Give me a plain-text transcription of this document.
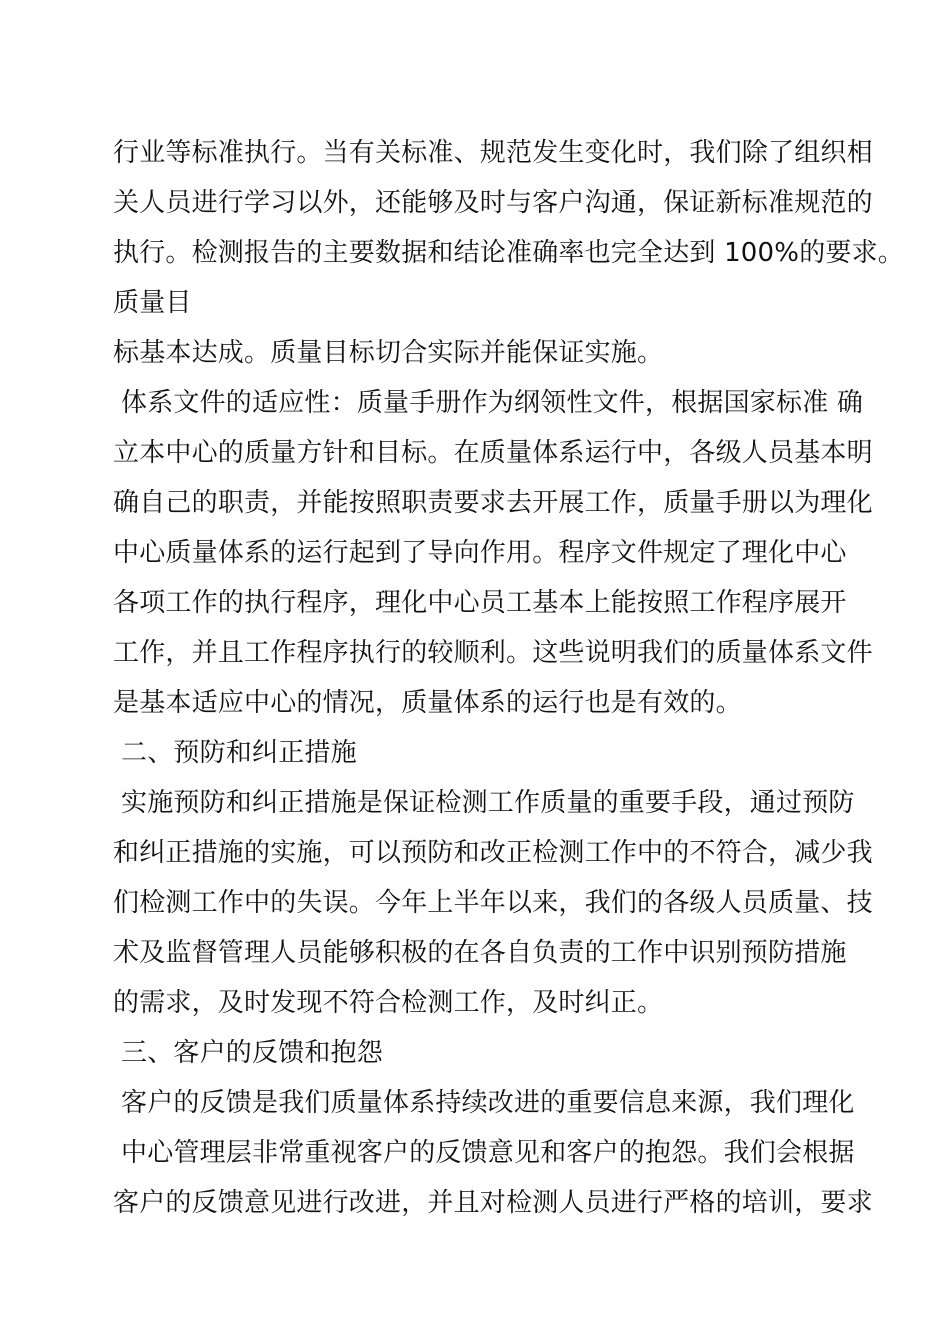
行业等标准执行。当有关标准、规范发生变化时，我们除了组织相
关人员进行学习以外，还能够及时与客户沟通，保证新标准规范的
执行。检测报告的主要数据和结论准确率也完全达到 100%的要求。
质量目
标基本达成。质量目标切合实际并能保证实施。
体系文件的适应性：质量手册作为纲领性文件，根据国家标准 确
立本中心的质量方针和目标。在质量体系运行中，各级人员基本明
确自己的职责，并能按照职责要求去开展工作，质量手册以为理化
中心质量体系的运行起到了导向作用。程序文件规定了理化中心
各项工作的执行程序，理化中心员工基本上能按照工作程序展开
工作，并且工作程序执行的较顺利。这些说明我们的质量体系文件
是基本适应中心的情况，质量体系的运行也是有效的。
二、预防和纠正措施
实施预防和纠正措施是保证检测工作质量的重要手段，通过预防
和纠正措施的实施，可以预防和改正检测工作中的不符合，减少我
们检测工作中的失误。今年上半年以来，我们的各级人员质量、技
术及监督管理人员能够积极的在各自负责的工作中识别预防措施
的需求，及时发现不符合检测工作，及时纠正。
三、客户的反馈和抱怨
客户的反馈是我们质量体系持续改进的重要信息来源，我们理化
中心管理层非常重视客户的反馈意见和客户的抱怨。我们会根据
客户的反馈意见进行改进，并且对检测人员进行严格的培训，要求
